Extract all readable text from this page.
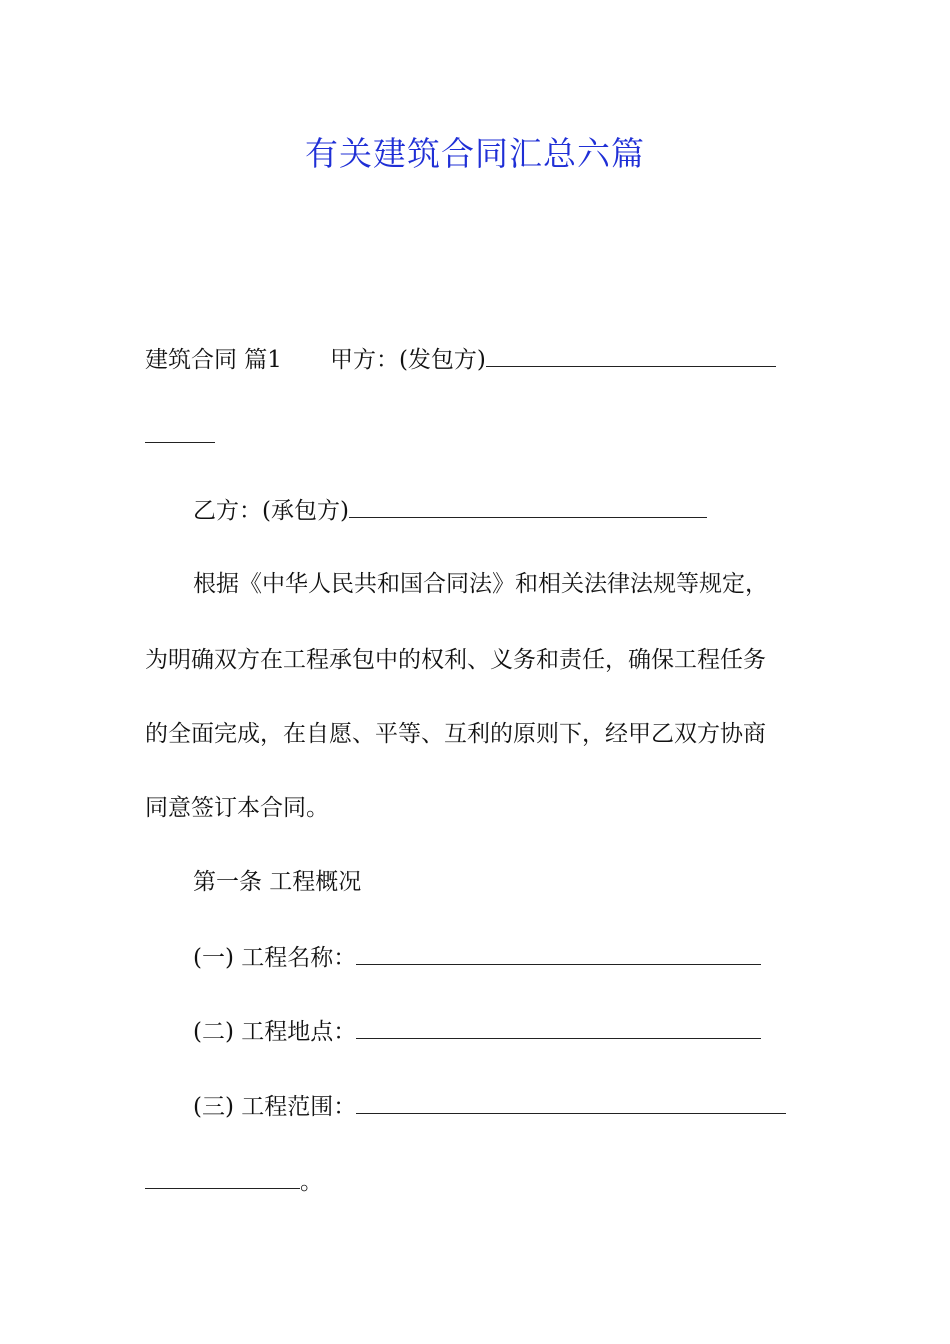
有关建筑合同汇总六篇
建筑合同 篇1 甲方：(发包方)
乙方：(承包方)
根据《中华人民共和国合同法》和相关法律法规等规定，
为明确双方在工程承包中的权利、义务和责任，确保工程任务
的全面完成，在自愿、平等、互利的原则下，经甲乙双方协商
同意签订本合同。
第一条 工程概况
(一) 工程名称：
(二) 工程地点：
(三) 工程范围：
。
